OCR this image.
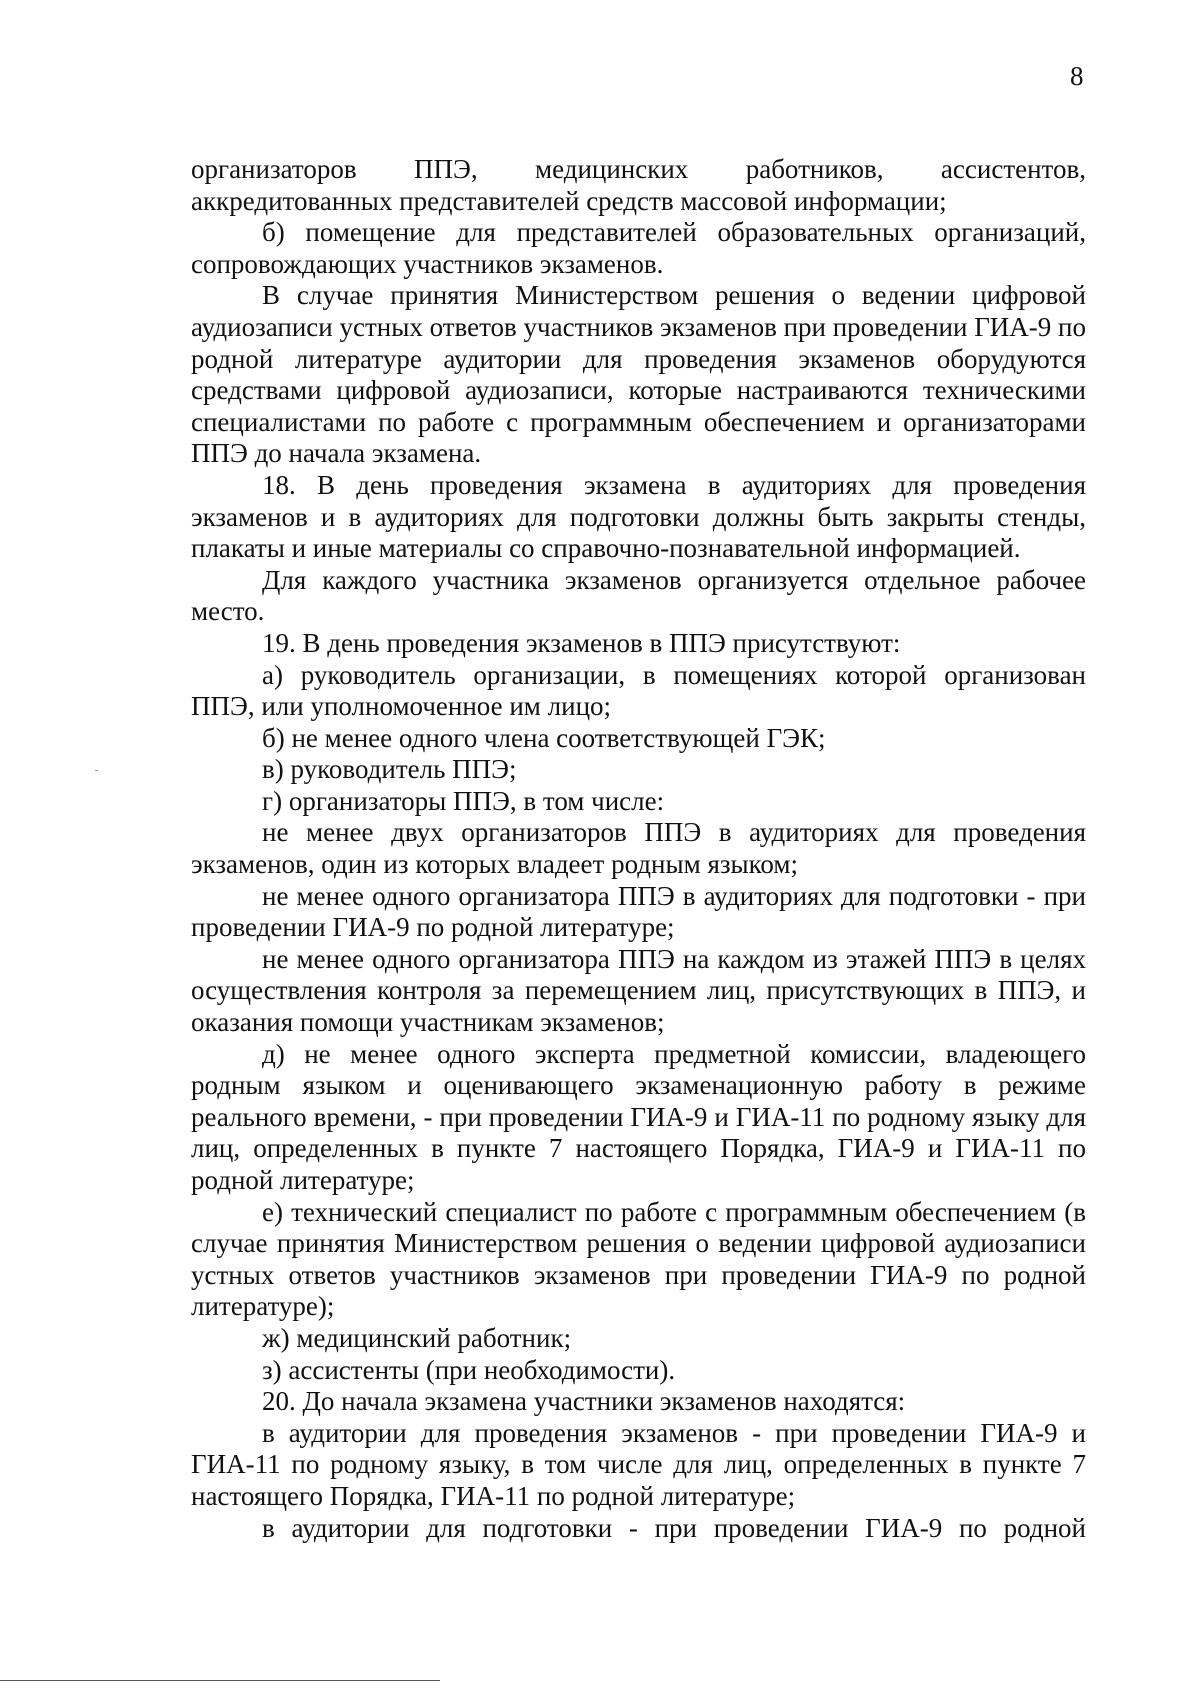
8

организаторов ППЭ, медицинских работников, ассистентов, аккредитованных представителей средств массовой информации;

б) помещение для представителей образовательных организаций, сопровождающих участников экзаменов.

В случае принятия Министерством решения о ведении цифровой аудиозаписи устных ответов участников экзаменов при проведении ГИА-9 по родной литературе аудитории для проведения экзаменов оборудуются средствами цифровой аудиозаписи, которые настраиваются техническими специалистами по работе с программным обеспечением и организаторами ППЭ до начала экзамена.

18. В день проведения экзамена в аудиториях для проведения экзаменов и в аудиториях для подготовки должны быть закрыты стенды, плакаты и иные материалы со справочно-познавательной информацией.

Для каждого участника экзаменов организуется отдельное рабочее место.

19. В день проведения экзаменов в ППЭ присутствуют:

а) руководитель организации, в помещениях которой организован ППЭ, или уполномоченное им лицо;

б) не менее одного члена соответствующей ГЭК;

в) руководитель ППЭ;

г) организаторы ППЭ, в том числе:

не менее двух организаторов ППЭ в аудиториях для проведения экзаменов, один из которых владеет родным языком;

не менее одного организатора ППЭ в аудиториях для подготовки - при проведении ГИА-9 по родной литературе;

не менее одного организатора ППЭ на каждом из этажей ППЭ в целях осуществления контроля за перемещением лиц, присутствующих в ППЭ, и оказания помощи участникам экзаменов;

д) не менее одного эксперта предметной комиссии, владеющего родным языком и оценивающего экзаменационную работу в режиме реального времени, - при проведении ГИА-9 и ГИА-11 по родному языку для лиц, определенных в пункте 7 настоящего Порядка, ГИА-9 и ГИА-11 по родной литературе;

е) технический специалист по работе с программным обеспечением (в случае принятия Министерством решения о ведении цифровой аудиозаписи устных ответов участников экзаменов при проведении ГИА-9 по родной литературе);

ж) медицинский работник;

з) ассистенты (при необходимости).

20. До начала экзамена участники экзаменов находятся:

в аудитории для проведения экзаменов - при проведении ГИА-9 и ГИА-11 по родному языку, в том числе для лиц, определенных в пункте 7 настоящего Порядка, ГИА-11 по родной литературе;

в аудитории для подготовки - при проведении ГИА-9 по родной
